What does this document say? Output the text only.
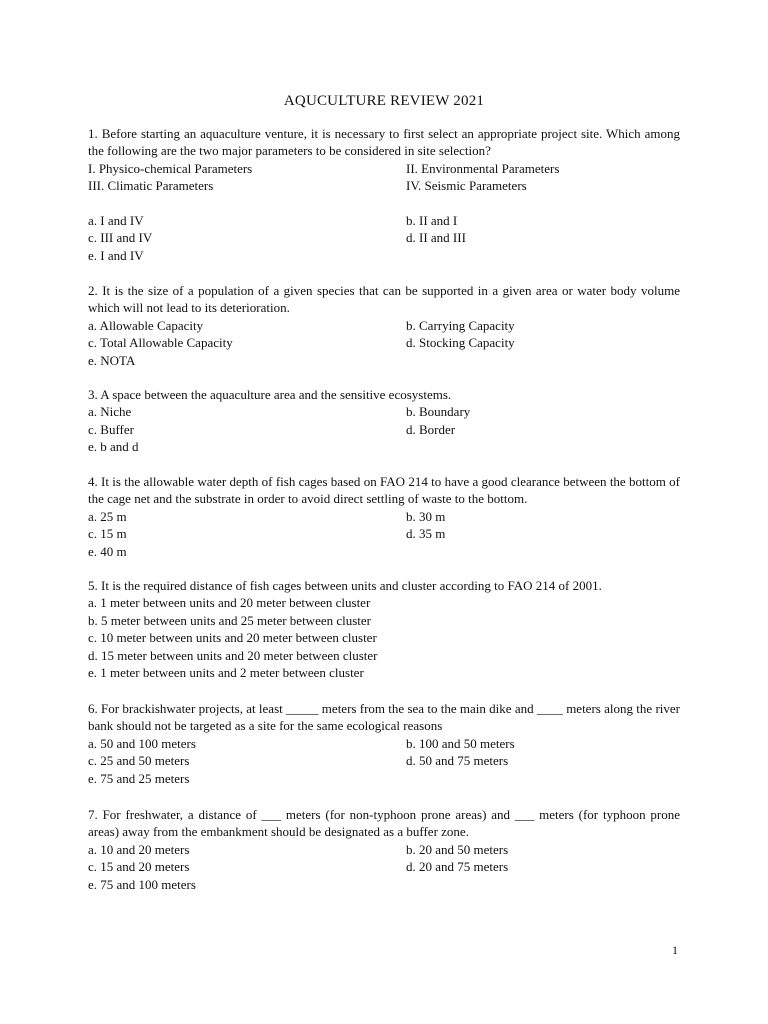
AQUCULTURE REVIEW 2021

1. Before starting an aquaculture venture, it is necessary to first select an appropriate project site. Which among the following are the two major parameters to be considered in site selection?

I. Physico-chemical Parameters	II. Environmental Parameters
III. Climatic Parameters	IV. Seismic Parameters
a. I and IV	b. II and I
c. III and IV	d. II and III
e. I and IV

2. It is the size of a population of a given species that can be supported in a given area or water body volume which will not lead to its deterioration.

a. Allowable Capacity	b. Carrying Capacity
c. Total Allowable Capacity	d. Stocking Capacity
e. NOTA

3. A space between the aquaculture area and the sensitive ecosystems.

a. Niche	b. Boundary
c. Buffer	d. Border
e. b and d

4. It is the allowable water depth of fish cages based on FAO 214 to have a good clearance between the bottom of the cage net and the substrate in order to avoid direct settling of waste to the bottom.

a. 25 m	b. 30 m
c. 15 m	d. 35 m
e. 40 m

5. It is the required distance of fish cages between units and cluster according to FAO 214 of 2001.

a. 1 meter between units and 20 meter between cluster
b. 5 meter between units and 25 meter between cluster
c. 10 meter between units and 20 meter between cluster
d. 15 meter between units and 20 meter between cluster
e. 1 meter between units and 2 meter between cluster

6. For brackishwater projects, at least _____ meters from the sea to the main dike and ____ meters along the river bank should not be targeted as a site for the same ecological reasons

a. 50 and 100 meters	b. 100 and 50 meters
c. 25 and 50 meters	d. 50 and 75 meters
e. 75 and 25 meters

7. For freshwater, a distance of ___ meters (for non-typhoon prone areas) and ___ meters (for typhoon prone areas) away from the embankment should be designated as a buffer zone.

a. 10 and 20 meters	b. 20 and 50 meters
c. 15 and 20 meters	d. 20 and 75 meters
e. 75 and 100 meters
1
